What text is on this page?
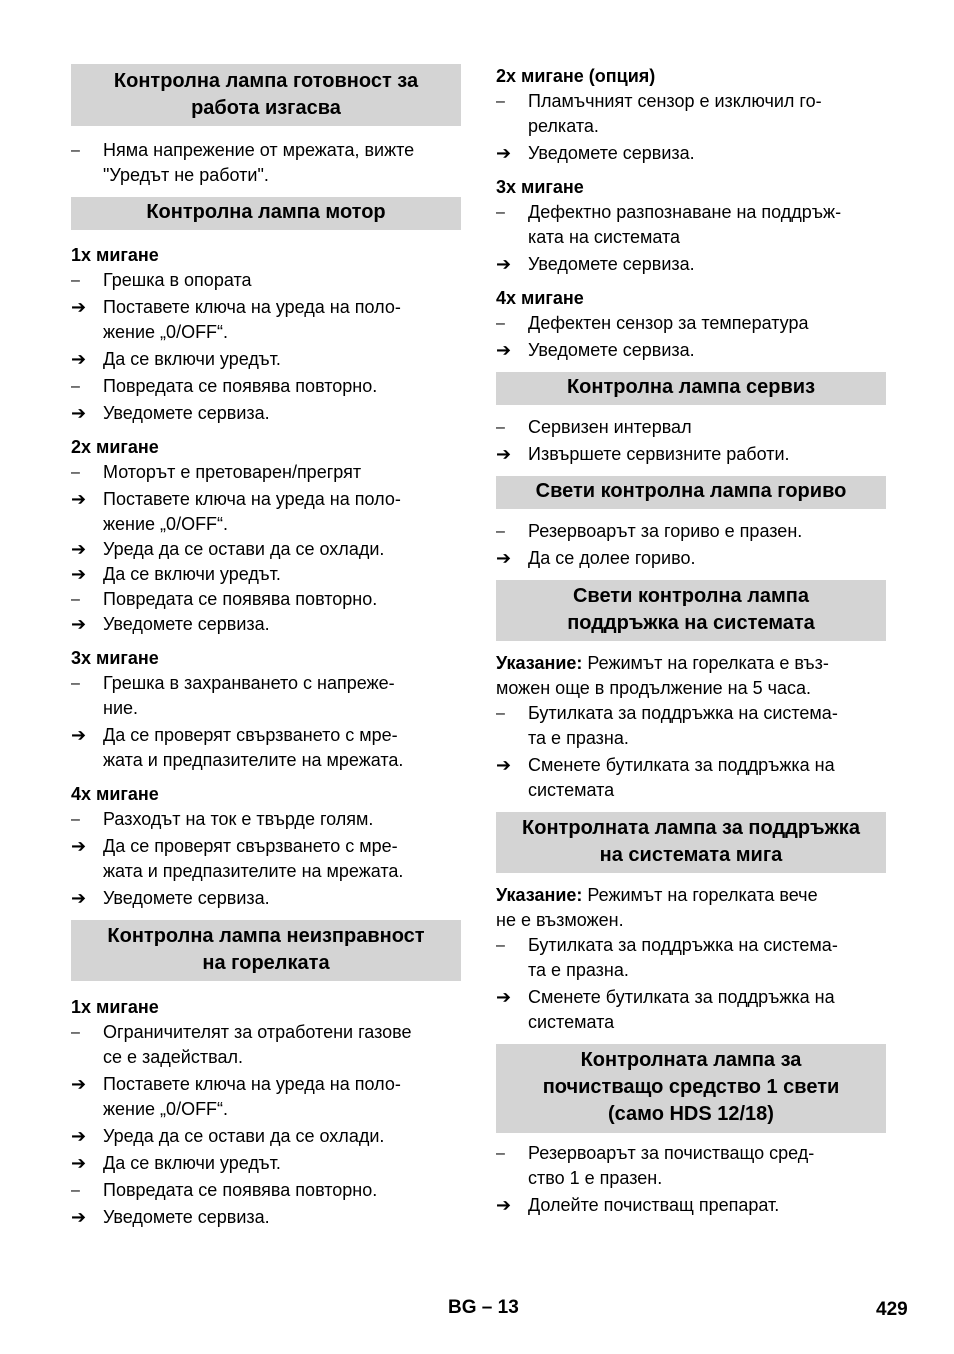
Контролна лампа готовност за
работа изгасва
–	Няма напрежение от мрежата, вижте
"Уредът не работи".
Контролна лампа мотор
1x мигане
–	Грешка в опората
➔ Поставете ключа на уреда на поло-
жение „0/OFF“.
➔ Да се включи уредът.
–	Повредата се появява повторно.
➔ Уведомете сервиза.
2x мигане
–	Моторът е претоварен/прегрят
➔ Поставете ключа на уреда на поло-
жение „0/OFF“.
➔ Уреда да се остави да се охлади.
➔ Да се включи уредът.
–	Повредата се появява повторно.
➔ Уведомете сервиза.
3x мигане
–	Грешка в захранването с напреже-
ние.
➔ Да се проверят свързването с мре-
жата и предпазителите на мрежата.
4x мигане
–	Разходът на ток е твърде голям.
➔ Да се проверят свързването с мре-
жата и предпазителите на мрежата.
➔ Уведомете сервиза.
Контролна лампа неизправност
на горелката
1x мигане
–	Ограничителят за отработени газове
се е задействал.
➔ Поставете ключа на уреда на поло-
жение „0/OFF“.
➔ Уреда да се остави да се охлади.
➔ Да се включи уредът.
–	Повредата се появява повторно.
➔ Уведомете сервиза.
2x мигане (опция)
–	Пламъчният сензор е изключил го-
релката.
➔ Уведомете сервиза.
3x мигане
–	Дефектно разпознаване на поддръж-
ката на системата
➔ Уведомете сервиза.
4x мигане
–	Дефектен сензор за температура
➔ Уведомете сервиза.
Контролна лампа сервиз
–	Сервизен интервал
➔ Извършете сервизните работи.
Свети контролна лампа гориво
–	Резервоарът за гориво е празен.
➔ Да се долее гориво.
Свети контролна лампа
поддръжка на системата
Указание: Режимът на горелката е въз-
можен още в продължение на 5 часа.
–	Бутилката за поддръжка на система-
та е празна.
➔ Сменете бутилката за поддръжка на
системата
Контролната лампа за поддръжка
на системата мига
Указание: Режимът на горелката вече
не е възможен.
–	Бутилката за поддръжка на система-
та е празна.
➔ Сменете бутилката за поддръжка на
системата
Контролната лампа за
почистващо средство 1 свети
(само HDS 12/18)
–	Резервоарът за почистващо сред-
ство 1 е празен.
➔ Долейте почистващ препарат.
BG – 13	429
